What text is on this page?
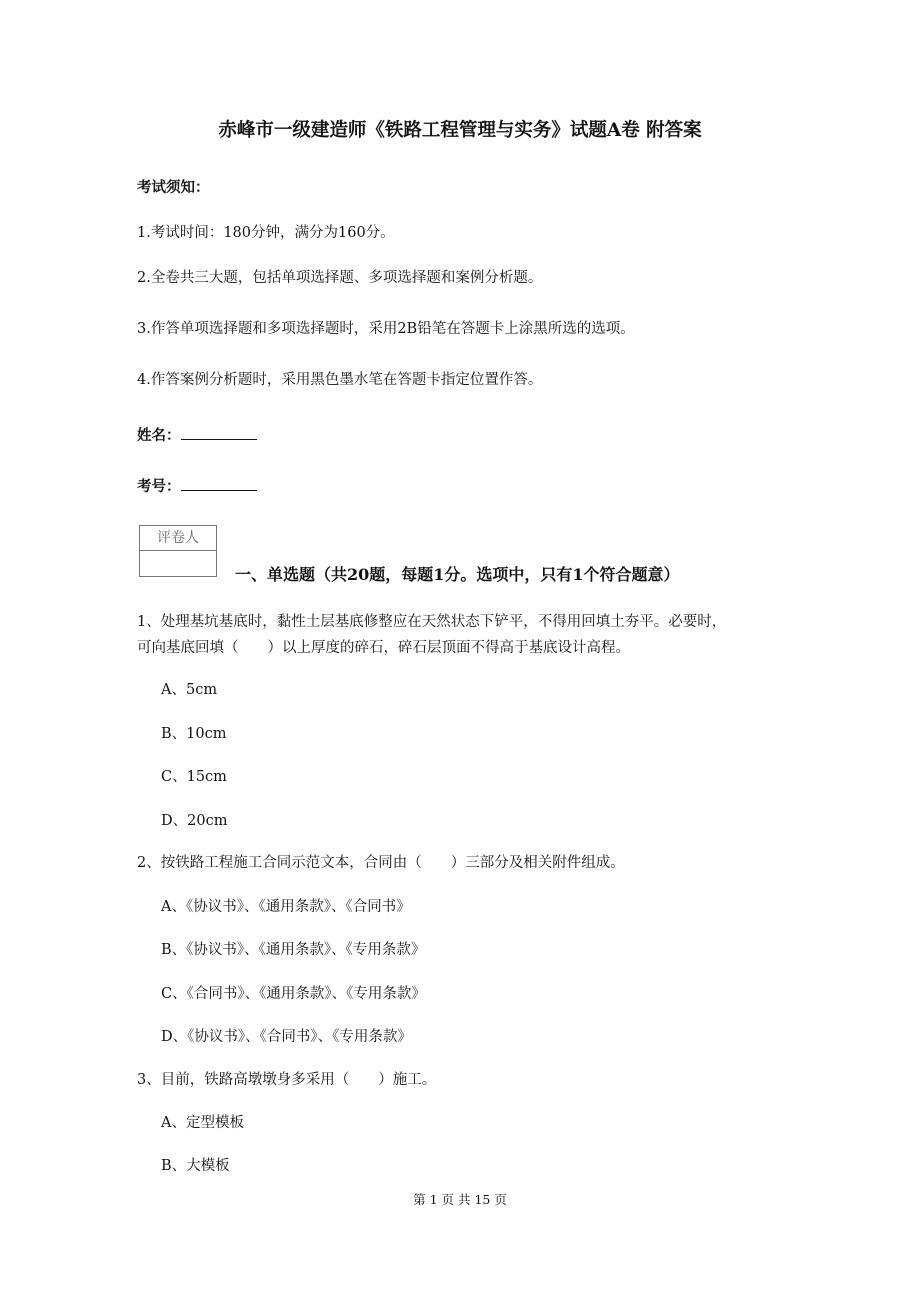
赤峰市一级建造师《铁路工程管理与实务》试题A卷 附答案
考试须知：
1.考试时间：180分钟，满分为160分。
2.全卷共三大题，包括单项选择题、多项选择题和案例分析题。
3.作答单项选择题和多项选择题时，采用2B铅笔在答题卡上涂黑所选的选项。
4.作答案例分析题时，采用黑色墨水笔在答题卡指定位置作答。
姓名：
考号：
评卷人
一、单选题（共20题，每题1分。选项中，只有1个符合题意）
1、处理基坑基底时，黏性土层基底修整应在天然状态下铲平，不得用回填土夯平。必要时，
可向基底回填（　　）以上厚度的碎石，碎石层顶面不得高于基底设计高程。
A、5cm
B、10cm
C、15cm
D、20cm
2、按铁路工程施工合同示范文本，合同由（　　）三部分及相关附件组成。
A、《协议书》、《通用条款》、《合同书》
B、《协议书》、《通用条款》、《专用条款》
C、《合同书》、《通用条款》、《专用条款》
D、《协议书》、《合同书》、《专用条款》
3、目前，铁路高墩墩身多采用（　　）施工。
A、定型模板
B、大模板
第 1 页 共 15 页
